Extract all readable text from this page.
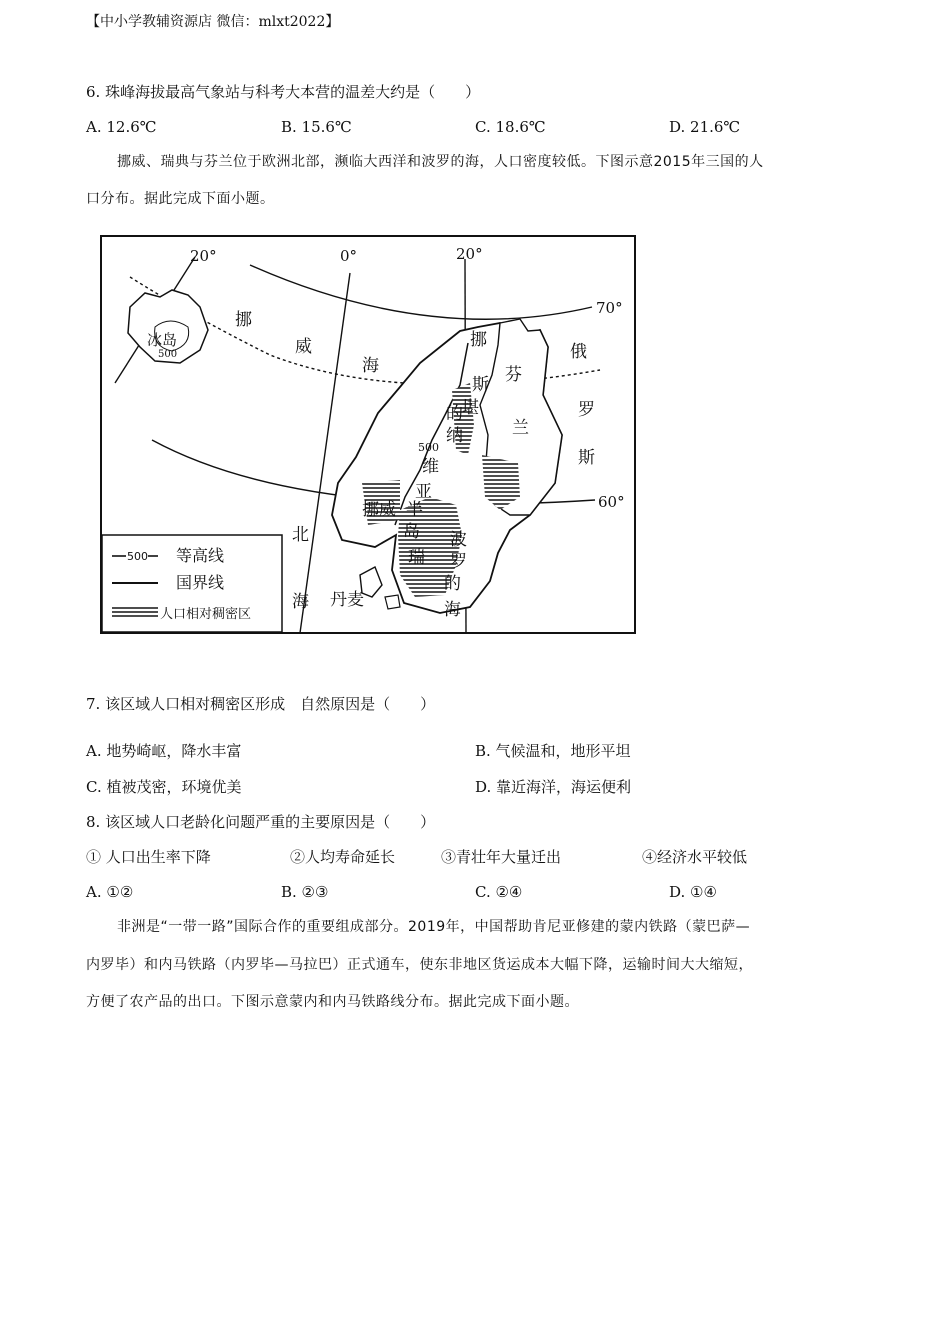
【中小学教辅资源店 微信：mlxt2022】
6. 珠峰海拔最高气象站与科考大本营的温差大约是（　　）
A. 12.6℃	B. 15.6℃	C. 18.6℃	D. 21.6℃
挪威、瑞典与芬兰位于欧洲北部，濒临大西洋和波罗的海，人口密度较低。下图示意2015年三国的人
口分布。据此完成下面小题。
20°	0°	20°
70°
60°
冰岛
500
挪
威
海
挪
斯
堪
的
纳
500
维
亚
半
岛
挪威
瑞
芬
兰
俄
罗
斯
北
海
波
罗
的
海
丹麦
500 等高线
国界线
人口相对稠密区
7. 该区域人口相对稠密区形成　自然原因是（　　）
A. 地势崎岖，降水丰富	B. 气候温和，地形平坦
C. 植被茂密，环境优美	D. 靠近海洋，海运便利
8. 该区域人口老龄化问题严重的主要原因是（　　）
① 人口出生率下降	②人均寿命延长	③青壮年大量迁出	④经济水平较低
A. ①②	B. ②③	C. ②④	D. ①④
非洲是“一带一路”国际合作的重要组成部分。2019年，中国帮助肯尼亚修建的蒙内铁路（蒙巴萨—
内罗毕）和内马铁路（内罗毕—马拉巴）正式通车，使东非地区货运成本大幅下降，运输时间大大缩短，
方便了农产品的出口。下图示意蒙内和内马铁路线分布。据此完成下面小题。
